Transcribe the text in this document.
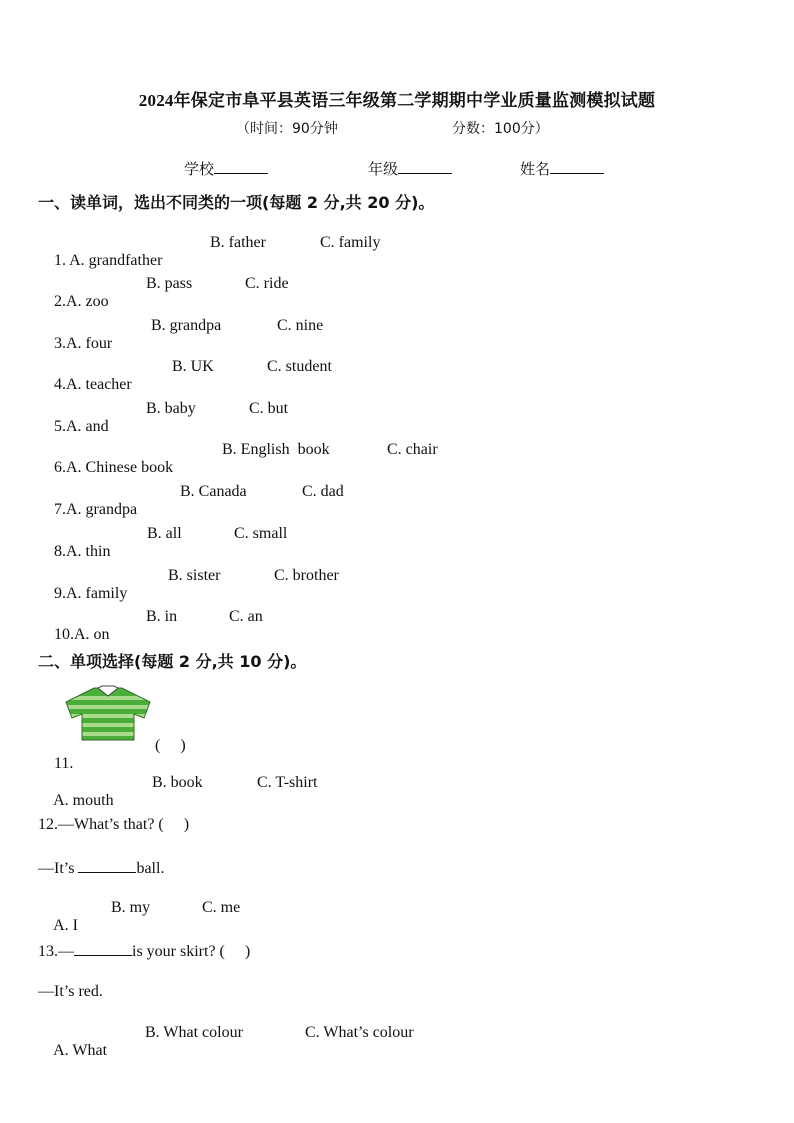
2024年保定市阜平县英语三年级第二学期期中学业质量监测模拟试题
（时间：90分钟	分数：100分）
学校	年级	姓名
一、读单词，选出不同类的一项(每题 2 分,共 20 分)。

1. A. grandfather

B. father

	C. family

2.A. zoo

B. pass

	C. ride

3.A. four

B. grandpa

	C. nine

4.A. teacher

B. UK

	C. student

5.A. and

B. baby

	C. but

6.A. Chinese book

B. English  book

	C. chair

7.A. grandpa

B. Canada

	C. dad

8.A. thin

B. all

	C. small

9.A. family

B. sister

	C. brother

10.A. on

B. in

	C. an

二、单项选择(每题 2 分,共 10 分)。

11.

(     )

A. mouth

B. book

	C. T-shirt

12.—What’s that? (     )
—It’s	ball.

A. I

B. my

	C. me

13.—	is your skirt? (     )
—It’s red.

A. What

B. What colour

	C. What’s colour
